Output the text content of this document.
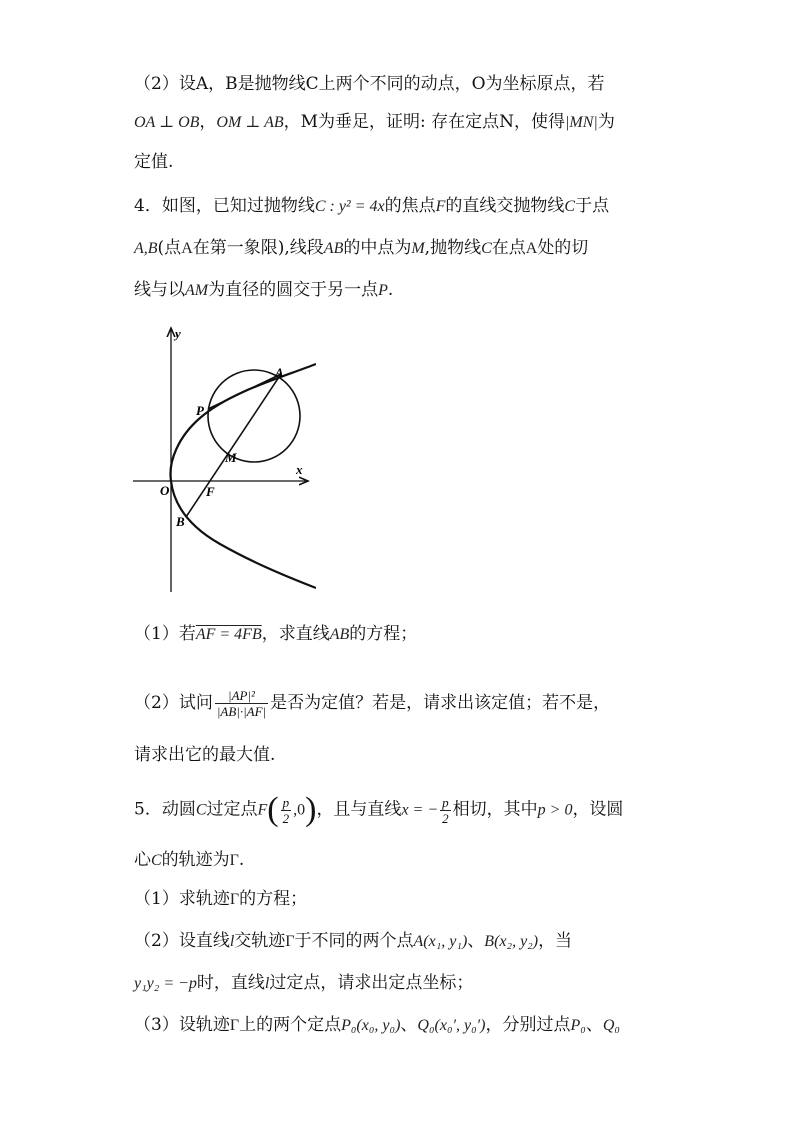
（2）设A，B是抛物线C上两个不同的动点，O为坐标原点，若
OA ⊥ OB，OM ⊥ AB，M为垂足，证明: 存在定点N，使得|MN|为
定值.
4．如图，已知过抛物线C : y² = 4x的焦点F的直线交抛物线C于点
A,B(点A在第一象限),线段AB的中点为M,抛物线C在点A处的切
线与以AM为直径的圆交于另一点P.
y
x
O	F
A
B
M
P
（1）若AF = 4FB，求直线AB的方程；
（2）试问 $\frac{\text{|AP|²}}{|AB|\cdot|AF|}$ 是否为定值？若是，请求出该定值；若不是，
请求出它的最大值.
5．动圆C过定点$F( \frac{p}{2} ,0)$，且与直线x = − $\frac{p}{2}$ 相切，其中p > 0，设圆
心C的轨迹为Γ.
（1）求轨迹Γ的方程；
（2）设直线l交轨迹Γ于不同的两个点A(x₁, y₁)、B(x₂, y₂)，当
y₁y₂ = −p时，直线l过定点，请求出定点坐标；
（3）设轨迹Γ上的两个定点P₀(x₀, y₀)、Q₀(x₀′, y₀′)，分别过点P₀、Q₀
